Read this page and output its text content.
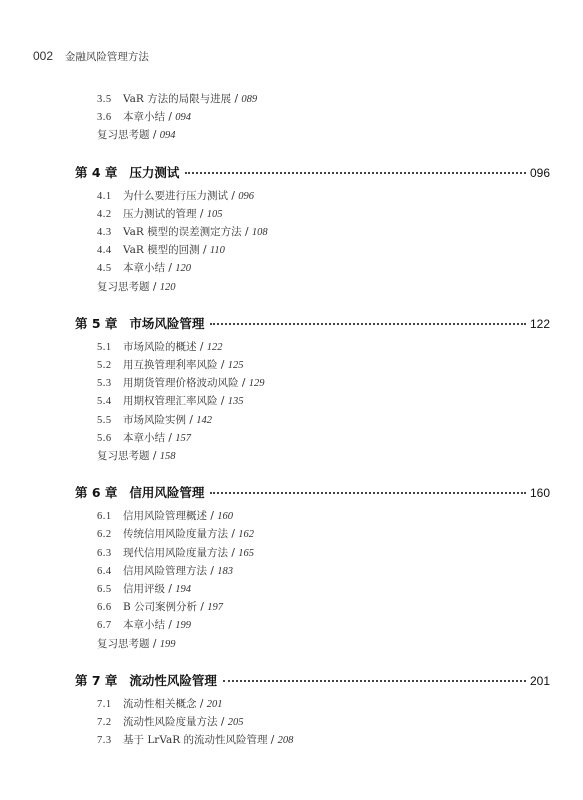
002 金融风险管理方法
3.5 VaR 方法的局限与进展 / 089
3.6 本章小结 / 094
复习思考题 / 094
第 4 章 压力测试	096
4.1 为什么要进行压力测试 / 096
4.2 压力测试的管理 / 105
4.3 VaR 模型的误差测定方法 / 108
4.4 VaR 模型的回测 / 110
4.5 本章小结 / 120
复习思考题 / 120
第 5 章 市场风险管理	122
5.1 市场风险的概述 / 122
5.2 用互换管理利率风险 / 125
5.3 用期货管理价格波动风险 / 129
5.4 用期权管理汇率风险 / 135
5.5 市场风险实例 / 142
5.6 本章小结 / 157
复习思考题 / 158
第 6 章 信用风险管理	160
6.1 信用风险管理概述 / 160
6.2 传统信用风险度量方法 / 162
6.3 现代信用风险度量方法 / 165
6.4 信用风险管理方法 / 183
6.5 信用评级 / 194
6.6 B 公司案例分析 / 197
6.7 本章小结 / 199
复习思考题 / 199
第 7 章 流动性风险管理	201
7.1 流动性相关概念 / 201
7.2 流动性风险度量方法 / 205
7.3 基于 LrVaR 的流动性风险管理 / 208
